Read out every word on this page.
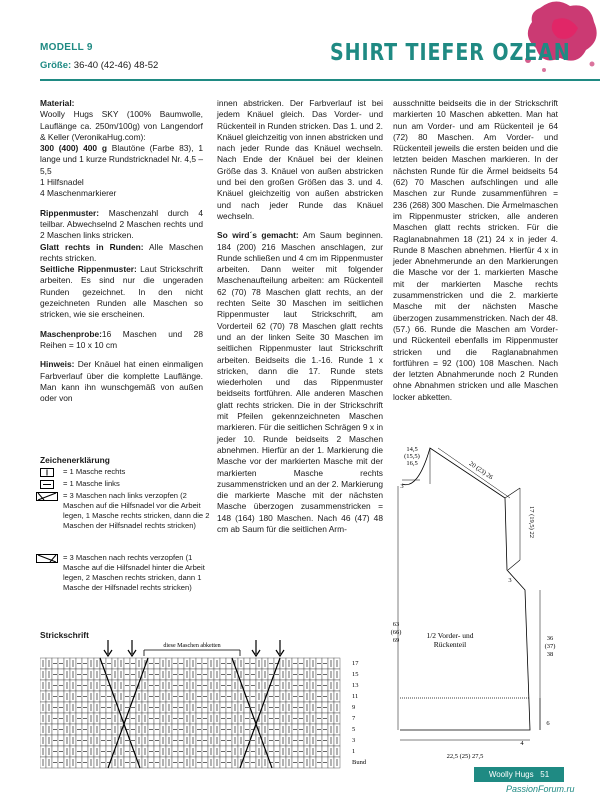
MODELL 9
Größe: 36-40 (42-46) 48-52	SHIRT TIEFER OZEAN

Material:
Woolly Hugs SKY (100% Baumwolle, Lauflänge ca. 250m/100g) von Langendorf & Keller (VeronikaHug.com):
300 (400) 400 g Blautöne (Farbe 83), 1 lange und 1 kurze Rundstricknadel Nr. 4,5 – 5,5
1 Hilfsnadel
4 Maschenmarkierer

Rippenmuster: Maschenzahl durch 4 teilbar. Abwechselnd 2 Maschen rechts und 2 Maschen links stricken.
Glatt rechts in Runden: Alle Maschen rechts stricken.
Seitliche Rippenmuster: Laut Strickschrift arbeiten. Es sind nur die ungeraden Runden gezeichnet. In den nicht gezeichneten Runden alle Maschen so stricken, wie sie erscheinen.

Maschenprobe:16 Maschen und 28 Reihen = 10 x 10 cm

Hinweis: Der Knäuel hat einen einmaligen Farbverlauf über die komplette Lauflänge. Man kann ihn wunschgemäß von außen oder von

Zeichenerklärung
= 1 Masche rechts
= 1 Masche links
= 3 Maschen nach links verzopfen (2 Maschen auf die Hilfsnadel vor die Arbeit legen, 1 Masche rechts stricken, dann die 2 Maschen der Hilfsnadel rechts stricken)
= 3 Maschen nach rechts verzopfen (1 Masche auf die Hilfsnadel hinter die Arbeit legen, 2 Maschen rechts stricken, dann 1 Masche der Hilfsnadel rechts stricken)

innen abstricken. Der Farbverlauf ist bei jedem Knäuel gleich. Das Vorder- und Rückenteil in Runden stricken. Das 1. und 2. Knäuel gleichzeitig von innen abstricken und nach jeder Runde das Knäuel wechseln. Nach Ende der Knäuel bei der kleinen Größe das 3. Knäuel von außen abstricken und bei den großen Größen das 3. und 4. Knäuel gleichzeitig von außen abstricken und nach jeder Runde das Knäuel wechseln.

So wird´s gemacht: Am Saum beginnen. 184 (200) 216 Maschen anschlagen, zur Runde schließen und 4 cm im Rippenmuster arbeiten. Dann weiter mit folgender Maschenaufteilung arbeiten: am Rückenteil 62 (70) 78 Maschen glatt rechts, an der rechten Seite 30 Maschen im seitlichen Rippenmuster laut Strickschrift, am Vorderteil 62 (70) 78 Maschen glatt rechts und an der linken Seite 30 Maschen im seitlichen Rippenmuster laut Strickschrift arbeiten. Beidseits die 1.-16. Runde 1 x stricken, dann die 17. Runde stets wiederholen und das Rippenmuster beidseits fortführen. Alle anderen Maschen glatt rechts stricken. Die in der Strickschrift mit Pfeilen gekennzeichneten Maschen markieren. Für die seitlichen Schrägen 9 x in jeder 10. Runde beidseits 2 Maschen abnehmen. Hierfür an der 1. Markierung die Masche vor der markierten Masche mit der markierten Masche rechts zusammenstricken und an der 2. Markierung die markierte Masche mit der nächsten Masche überzogen zusammenstricken = 148 (164) 180 Maschen. Nach 46 (47) 48 cm ab Saum für die seitlichen Arm-

ausschnitte beidseits die in der Strickschrift markierten 10 Maschen abketten. Man hat nun am Vorder- und am Rückenteil je 64 (72) 80 Maschen. Am Vorder- und Rückenteil jeweils die ersten beiden und die letzten beiden Maschen markieren. In der nächsten Runde für die Ärmel beidseits 54 (62) 70 Maschen aufschlingen und alle Maschen zur Runde zusammenführen = 236 (268) 300 Maschen. Die Ärmelmaschen im Rippenmuster stricken, alle anderen Maschen glatt rechts stricken. Für die Raglanabnahmen 18 (21) 24 x in jeder 4. Runde 8 Maschen abnehmen. Hierfür 4 x in jeder Abnehmerunde an den Markierungen die Masche vor der 1. markierten Masche mit der markierten Masche rechts zusammenstricken und die 2. markierte Masche mit der nächsten Masche überzogen zusammenstricken. Nach der 48. (57.) 66. Runde die Maschen am Vorder- und Rückenteil ebenfalls im Rippenmuster stricken und die Raglanabnahmen fortführen = 92 (100) 108 Maschen. Nach der letzten Abnahmerunde noch 2 Runden ohne Abnahmen stricken und alle Maschen locker abketten.

Strickschrift
diese Maschen abketten
17
15
13
11
9
7
5
3
1
Bund
14,5
(15,5)
16,5	20 (23) 26
3
17 (19,5) 22
3
63
(66)
69	36
(37)
38
6
4
22,5 (25) 27,5
1/2 Vorder- und
Rückenteil
Woolly Hugs 51
PassionForum.ru
